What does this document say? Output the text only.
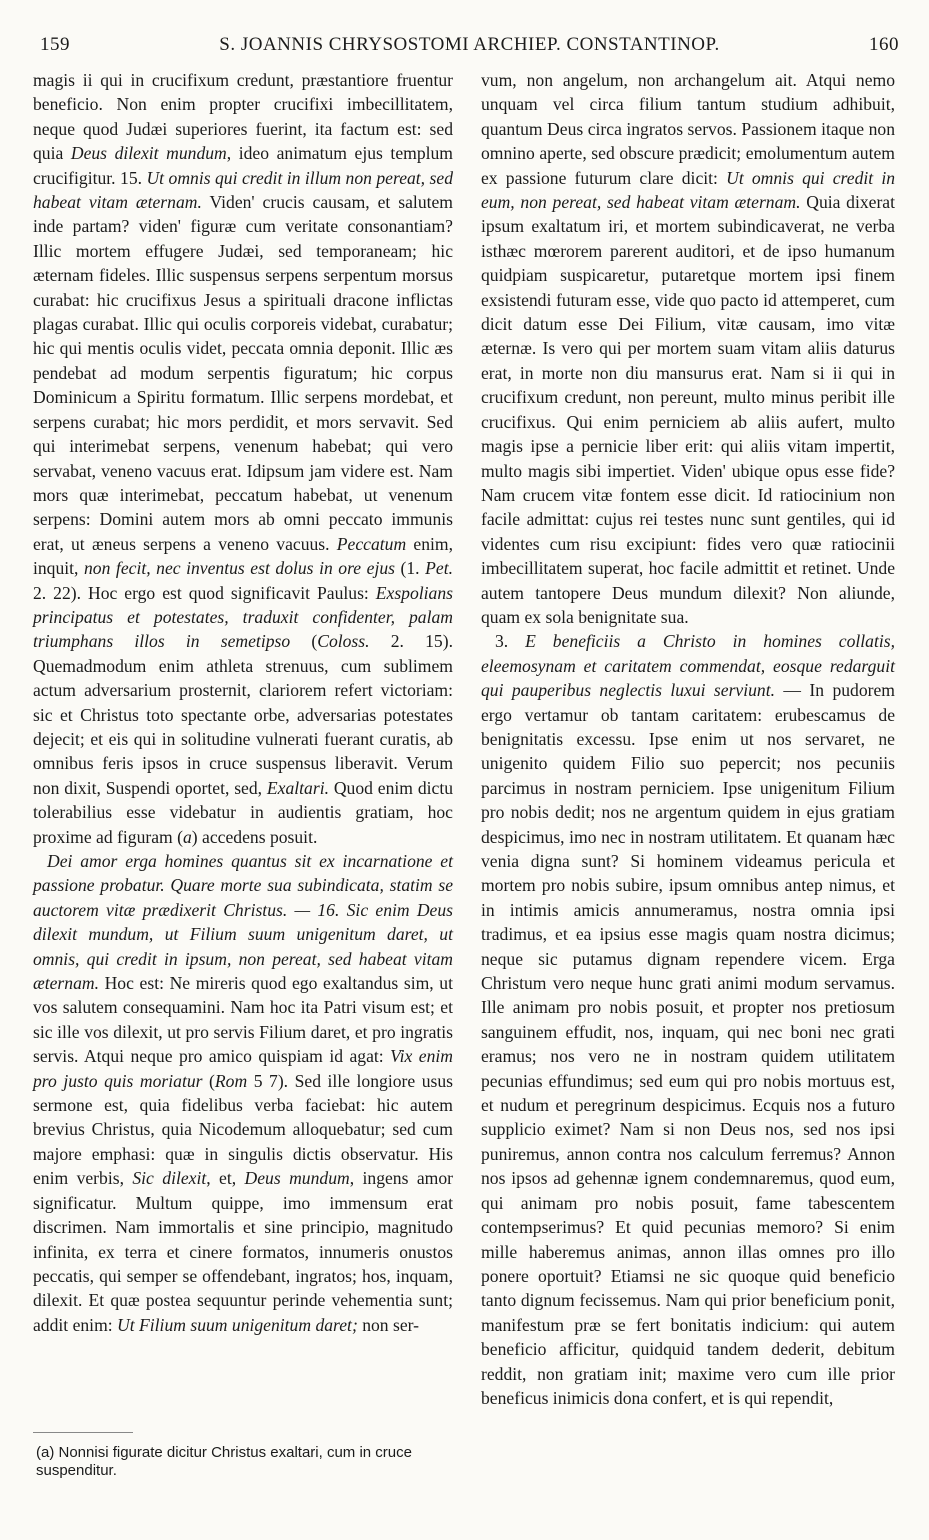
159	S. JOANNIS CHRYSOSTOMI ARCHIEP. CONSTANTINOP.	160

magis ii qui in crucifixum credunt, præstantiore fruentur beneficio. Non enim propter crucifixi imbecillitatem, neque quod Judæi superiores fuerint, ita factum est: sed quia Deus dilexit mundum, ideo animatum ejus templum crucifigitur. 15. Ut omnis qui credit in illum non pereat, sed habeat vitam æternam. Viden' crucis causam, et salutem inde partam? viden' figuræ cum veritate consonantiam? Illic mortem effugere Judæi, sed temporaneam; hic æternam fideles. Illic suspensus serpens serpentum morsus curabat: hic crucifixus Jesus a spirituali dracone inflictas plagas curabat. Illic qui oculis corporeis videbat, curabatur; hic qui mentis oculis videt, peccata omnia deponit. Illic æs pendebat ad modum serpentis figuratum; hic corpus Dominicum a Spiritu formatum. Illic serpens mordebat, et serpens curabat; hic mors perdidit, et mors servavit. Sed qui interimebat serpens, venenum habebat; qui vero servabat, veneno vacuus erat. Idipsum jam videre est. Nam mors quæ interimebat, peccatum habebat, ut venenum serpens: Domini autem mors ab omni peccato immunis erat, ut æneus serpens a veneno vacuus. Peccatum enim, inquit, non fecit, nec inventus est dolus in ore ejus (1. Pet. 2. 22). Hoc ergo est quod significavit Paulus: Exspolians principatus et potestates, traduxit confidenter, palam triumphans illos in semetipso (Coloss. 2. 15). Quemadmodum enim athleta strenuus, cum sublimem actum adversarium prosternit, clariorem refert victoriam: sic et Christus toto spectante orbe, adversarias potestates dejecit; et eis qui in solitudine vulnerati fuerant curatis, ab omnibus feris ipsos in cruce suspensus liberavit. Verum non dixit, Suspendi oportet, sed, Exaltari. Quod enim dictu tolerabilius esse videbatur in audientis gratiam, hoc proxime ad figuram (a) accedens posuit.

Dei amor erga homines quantus sit ex incarnatione et passione probatur. Quare morte sua subindicata, statim se auctorem vitæ prædixerit Christus. — 16. Sic enim Deus dilexit mundum, ut Filium suum unigenitum daret, ut omnis, qui credit in ipsum, non pereat, sed habeat vitam æternam. Hoc est: Ne mireris quod ego exaltandus sim, ut vos salutem consequamini. Nam hoc ita Patri visum est; et sic ille vos dilexit, ut pro servis Filium daret, et pro ingratis servis. Atqui neque pro amico quispiam id agat: Vix enim pro justo quis moriatur (Rom 5 7). Sed ille longiore usus sermone est, quia fidelibus verba faciebat: hic autem brevius Christus, quia Nicodemum alloquebatur; sed cum majore emphasi: quæ in singulis dictis observatur. His enim verbis, Sic dilexit, et, Deus mundum, ingens amor significatur. Multum quippe, imo immensum erat discrimen. Nam immortalis et sine principio, magnitudo infinita, ex terra et cinere formatos, innumeris onustos peccatis, qui semper se offendebant, ingratos; hos, inquam, dilexit. Et quæ postea sequuntur perinde vehementia sunt; addit enim: Ut Filium suum unigenitum daret; non ser-

(a) Nonnisi figurate dicitur Christus exaltari, cum in cruce suspenditur.

vum, non angelum, non archangelum ait. Atqui nemo unquam vel circa filium tantum studium adhibuit, quantum Deus circa ingratos servos. Passionem itaque non omnino aperte, sed obscure prædicit; emolumentum autem ex passione futurum clare dicit: Ut omnis qui credit in eum, non pereat, sed habeat vitam æternam. Quia dixerat ipsum exaltatum iri, et mortem subindicaverat, ne verba isthæc mœrorem parerent auditori, et de ipso humanum quidpiam suspicaretur, putaretque mortem ipsi finem exsistendi futuram esse, vide quo pacto id attemperet, cum dicit datum esse Dei Filium, vitæ causam, imo vitæ æternæ. Is vero qui per mortem suam vitam aliis daturus erat, in morte non diu mansurus erat. Nam si ii qui in crucifixum credunt, non pereunt, multo minus peribit ille crucifixus. Qui enim perniciem ab aliis aufert, multo magis ipse a pernicie liber erit: qui aliis vitam impertit, multo magis sibi impertiet. Viden' ubique opus esse fide? Nam crucem vitæ fontem esse dicit. Id ratiocinium non facile admittat: cujus rei testes nunc sunt gentiles, qui id videntes cum risu excipiunt: fides vero quæ ratiocinii imbecillitatem superat, hoc facile admittit et retinet. Unde autem tantopere Deus mundum dilexit? Non aliunde, quam ex sola benignitate sua.

3. E beneficiis a Christo in homines collatis, eleemosynam et caritatem commendat, eosque redarguit qui pauperibus neglectis luxui serviunt. — In pudorem ergo vertamur ob tantam caritatem: erubescamus de benignitatis excessu. Ipse enim ut nos servaret, ne unigenito quidem Filio suo pepercit; nos pecuniis parcimus in nostram perniciem. Ipse unigenitum Filium pro nobis dedit; nos ne argentum quidem in ejus gratiam despicimus, imo nec in nostram utilitatem. Et quanam hæc venia digna sunt? Si hominem videamus pericula et mortem pro nobis subire, ipsum omnibus antep nimus, et in intimis amicis annumeramus, nostra omnia ipsi tradimus, et ea ipsius esse magis quam nostra dicimus; neque sic putamus dignam rependere vicem. Erga Christum vero neque hunc grati animi modum servamus. Ille animam pro nobis posuit, et propter nos pretiosum sanguinem effudit, nos, inquam, qui nec boni nec grati eramus; nos vero ne in nostram quidem utilitatem pecunias effundimus; sed eum qui pro nobis mortuus est, et nudum et peregrinum despicimus. Ecquis nos a futuro supplicio eximet? Nam si non Deus nos, sed nos ipsi puniremus, annon contra nos calculum ferremus? Annon nos ipsos ad gehennæ ignem condemnaremus, quod eum, qui animam pro nobis posuit, fame tabescentem contempserimus? Et quid pecunias memoro? Si enim mille haberemus animas, annon illas omnes pro illo ponere oportuit? Etiamsi ne sic quoque quid beneficio tanto dignum fecissemus. Nam qui prior beneficium ponit, manifestum præ se fert bonitatis indicium: qui autem beneficio afficitur, quidquid tandem dederit, debitum reddit, non gratiam init; maxime vero cum ille prior beneficus inimicis dona confert, et is qui rependit,
